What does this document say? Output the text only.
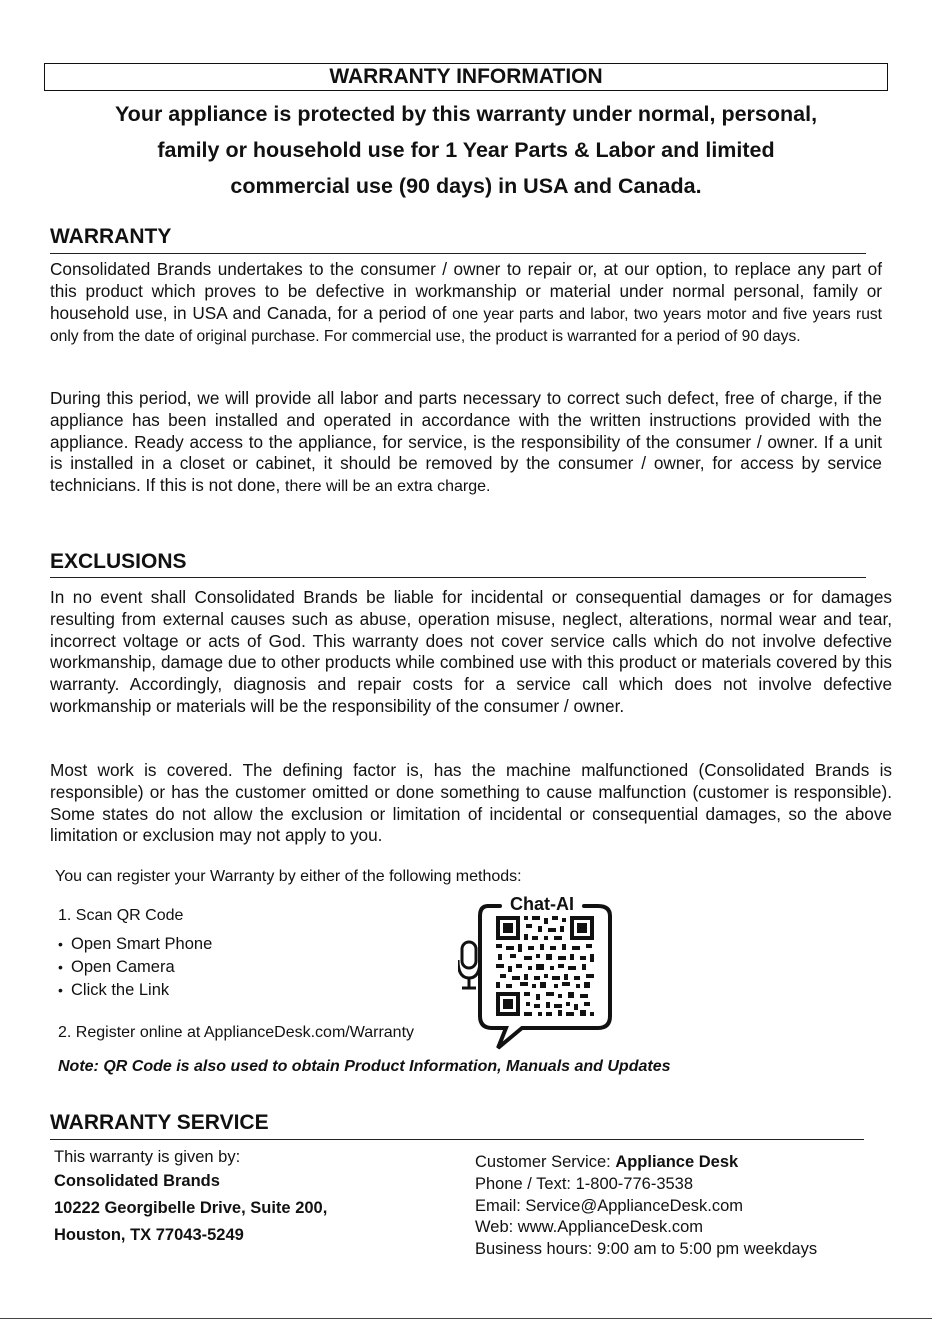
WARRANTY INFORMATION
Your appliance is protected by this warranty under normal, personal,
family or household use for 1 Year Parts & Labor and limited
commercial use (90 days) in USA and Canada.
WARRANTY
Consolidated Brands undertakes to the consumer / owner to repair or, at our option, to replace any part of this product which proves to be defective in workmanship or material under normal personal, family or household use, in USA and Canada, for a period of one year parts and labor, two years motor and five years rust only from the date of original purchase. For commercial use, the product is warranted for a period of 90 days.
During this period, we will provide all labor and parts necessary to correct such defect, free of charge, if the appliance has been installed and operated in accordance with the written instructions provided with the appliance. Ready access to the appliance, for service, is the responsibility of the consumer / owner. If a unit is installed in a closet or cabinet, it should be removed by the consumer / owner, for access by service technicians. If this is not done, there will be an extra charge.
EXCLUSIONS
In no event shall Consolidated Brands be liable for incidental or consequential damages or for damages resulting from external causes such as abuse, operation misuse, neglect, alterations, normal wear and tear, incorrect voltage or acts of God. This warranty does not cover service calls which do not involve defective workmanship, damage due to other products while combined use with this product or materials covered by this warranty. Accordingly, diagnosis and repair costs for a service call which does not involve defective workmanship or materials will be the responsibility of the consumer / owner.
Most work is covered. The defining factor is, has the machine malfunctioned (Consolidated Brands is responsible) or has the customer omitted or done something to cause malfunction (customer is responsible). Some states do not allow the exclusion or limitation of incidental or consequential damages, so the above limitation or exclusion may not apply to you.
You can register your Warranty by either of the following methods:
1. Scan QR Code
• Open Smart Phone
• Open Camera
• Click the Link
2. Register online at ApplianceDesk.com/Warranty
Chat-AI
Note: QR Code is also used to obtain Product Information, Manuals and Updates
WARRANTY SERVICE
This warranty is given by:
Consolidated Brands
10222 Georgibelle Drive, Suite 200,
Houston, TX 77043-5249
Customer Service: Appliance Desk
Phone / Text: 1-800-776-3538
Email: Service@ApplianceDesk.com
Web: www.ApplianceDesk.com
Business hours: 9:00 am to 5:00 pm weekdays
